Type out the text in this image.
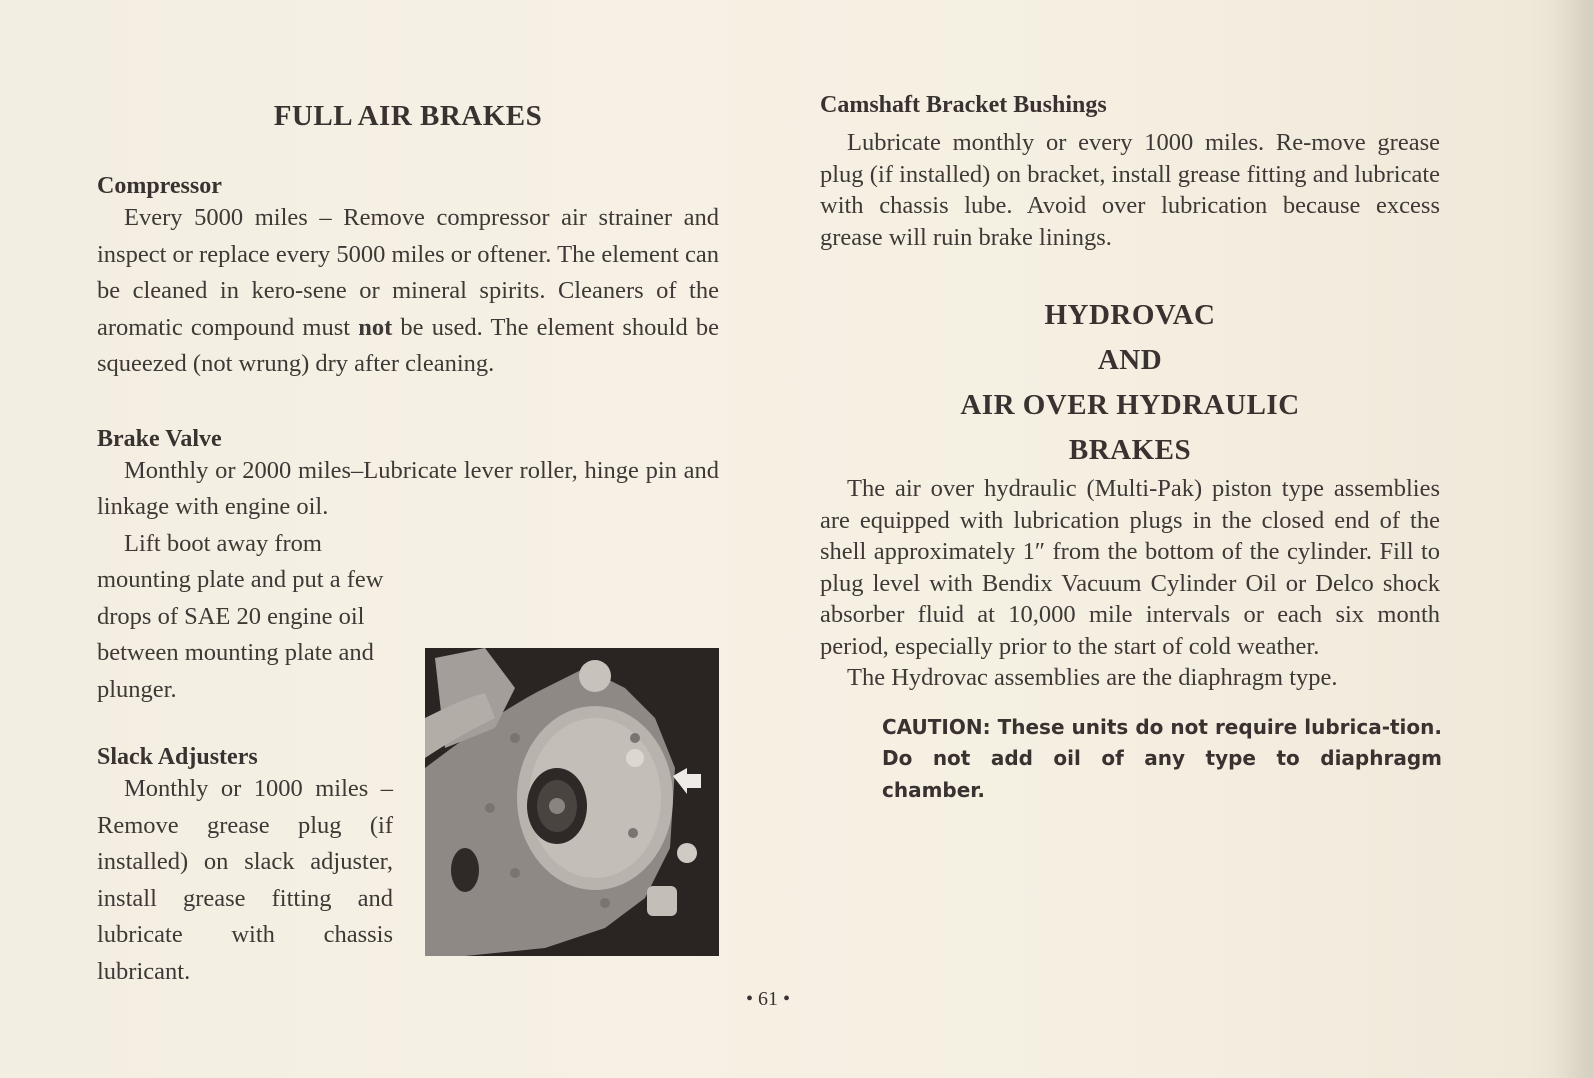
FULL AIR BRAKES
Compressor

Every 5000 miles – Remove compressor air strainer and inspect or replace every 5000 miles or oftener. The element can be cleaned in kero-sene or mineral spirits. Cleaners of the aromatic compound must not be used. The element should be squeezed (not wrung) dry after cleaning.

Brake Valve

Monthly or 2000 miles–Lubricate lever roller, hinge pin and linkage with engine oil.

Lift boot away from mounting plate and put a few drops of SAE 20 engine oil between mounting plate and plunger.

Slack Adjusters

Monthly or 1000 miles – Remove grease plug (if installed) on slack adjuster, install grease fitting and lubricate with chassis lubricant.

Camshaft Bracket Bushings

Lubricate monthly or every 1000 miles. Re-move grease plug (if installed) on bracket, install grease fitting and lubricate with chassis lube. Avoid over lubrication because excess grease will ruin brake linings.

HYDROVAC
AND
AIR OVER HYDRAULIC
BRAKES

The air over hydraulic (Multi-Pak) piston type assemblies are equipped with lubrication plugs in the closed end of the shell approximately 1″ from the bottom of the cylinder. Fill to plug level with Bendix Vacuum Cylinder Oil or Delco shock absorber fluid at 10,000 mile intervals or each six month period, especially prior to the start of cold weather.

The Hydrovac assemblies are the diaphragm type.

CAUTION: These units do not require lubrica-tion. Do not add oil of any type to diaphragm chamber.

• 61 •
